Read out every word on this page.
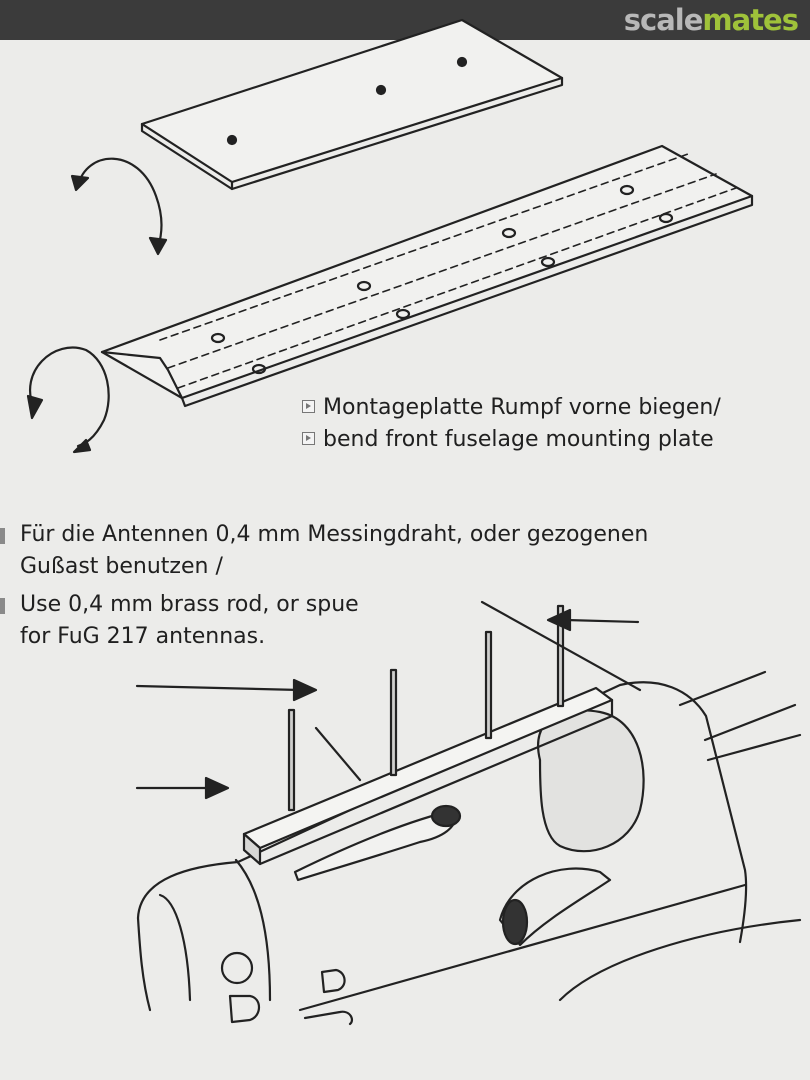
scalemates
Montageplatte Rumpf vorne biegen/
bend front fuselage mounting plate
Für die Antennen 0,4 mm Messingdraht, oder gezogenen
Gußast benutzen /
Use 0,4 mm brass rod, or spue
for FuG 217 antennas.
